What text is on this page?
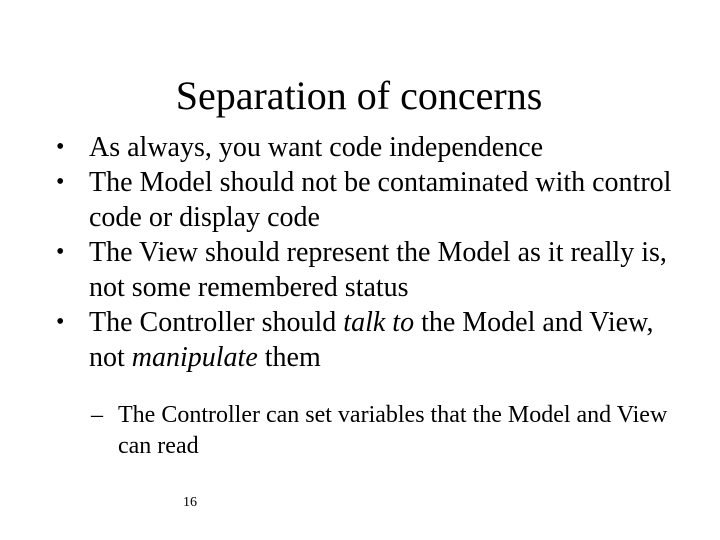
Separation of concerns
• As always, you want code independence
• The Model should not be contaminated with control code or display code
• The View should represent the Model as it really is, not some remembered status
• The Controller should talk to the Model and View, not manipulate them
– The Controller can set variables that the Model and View can read
16
